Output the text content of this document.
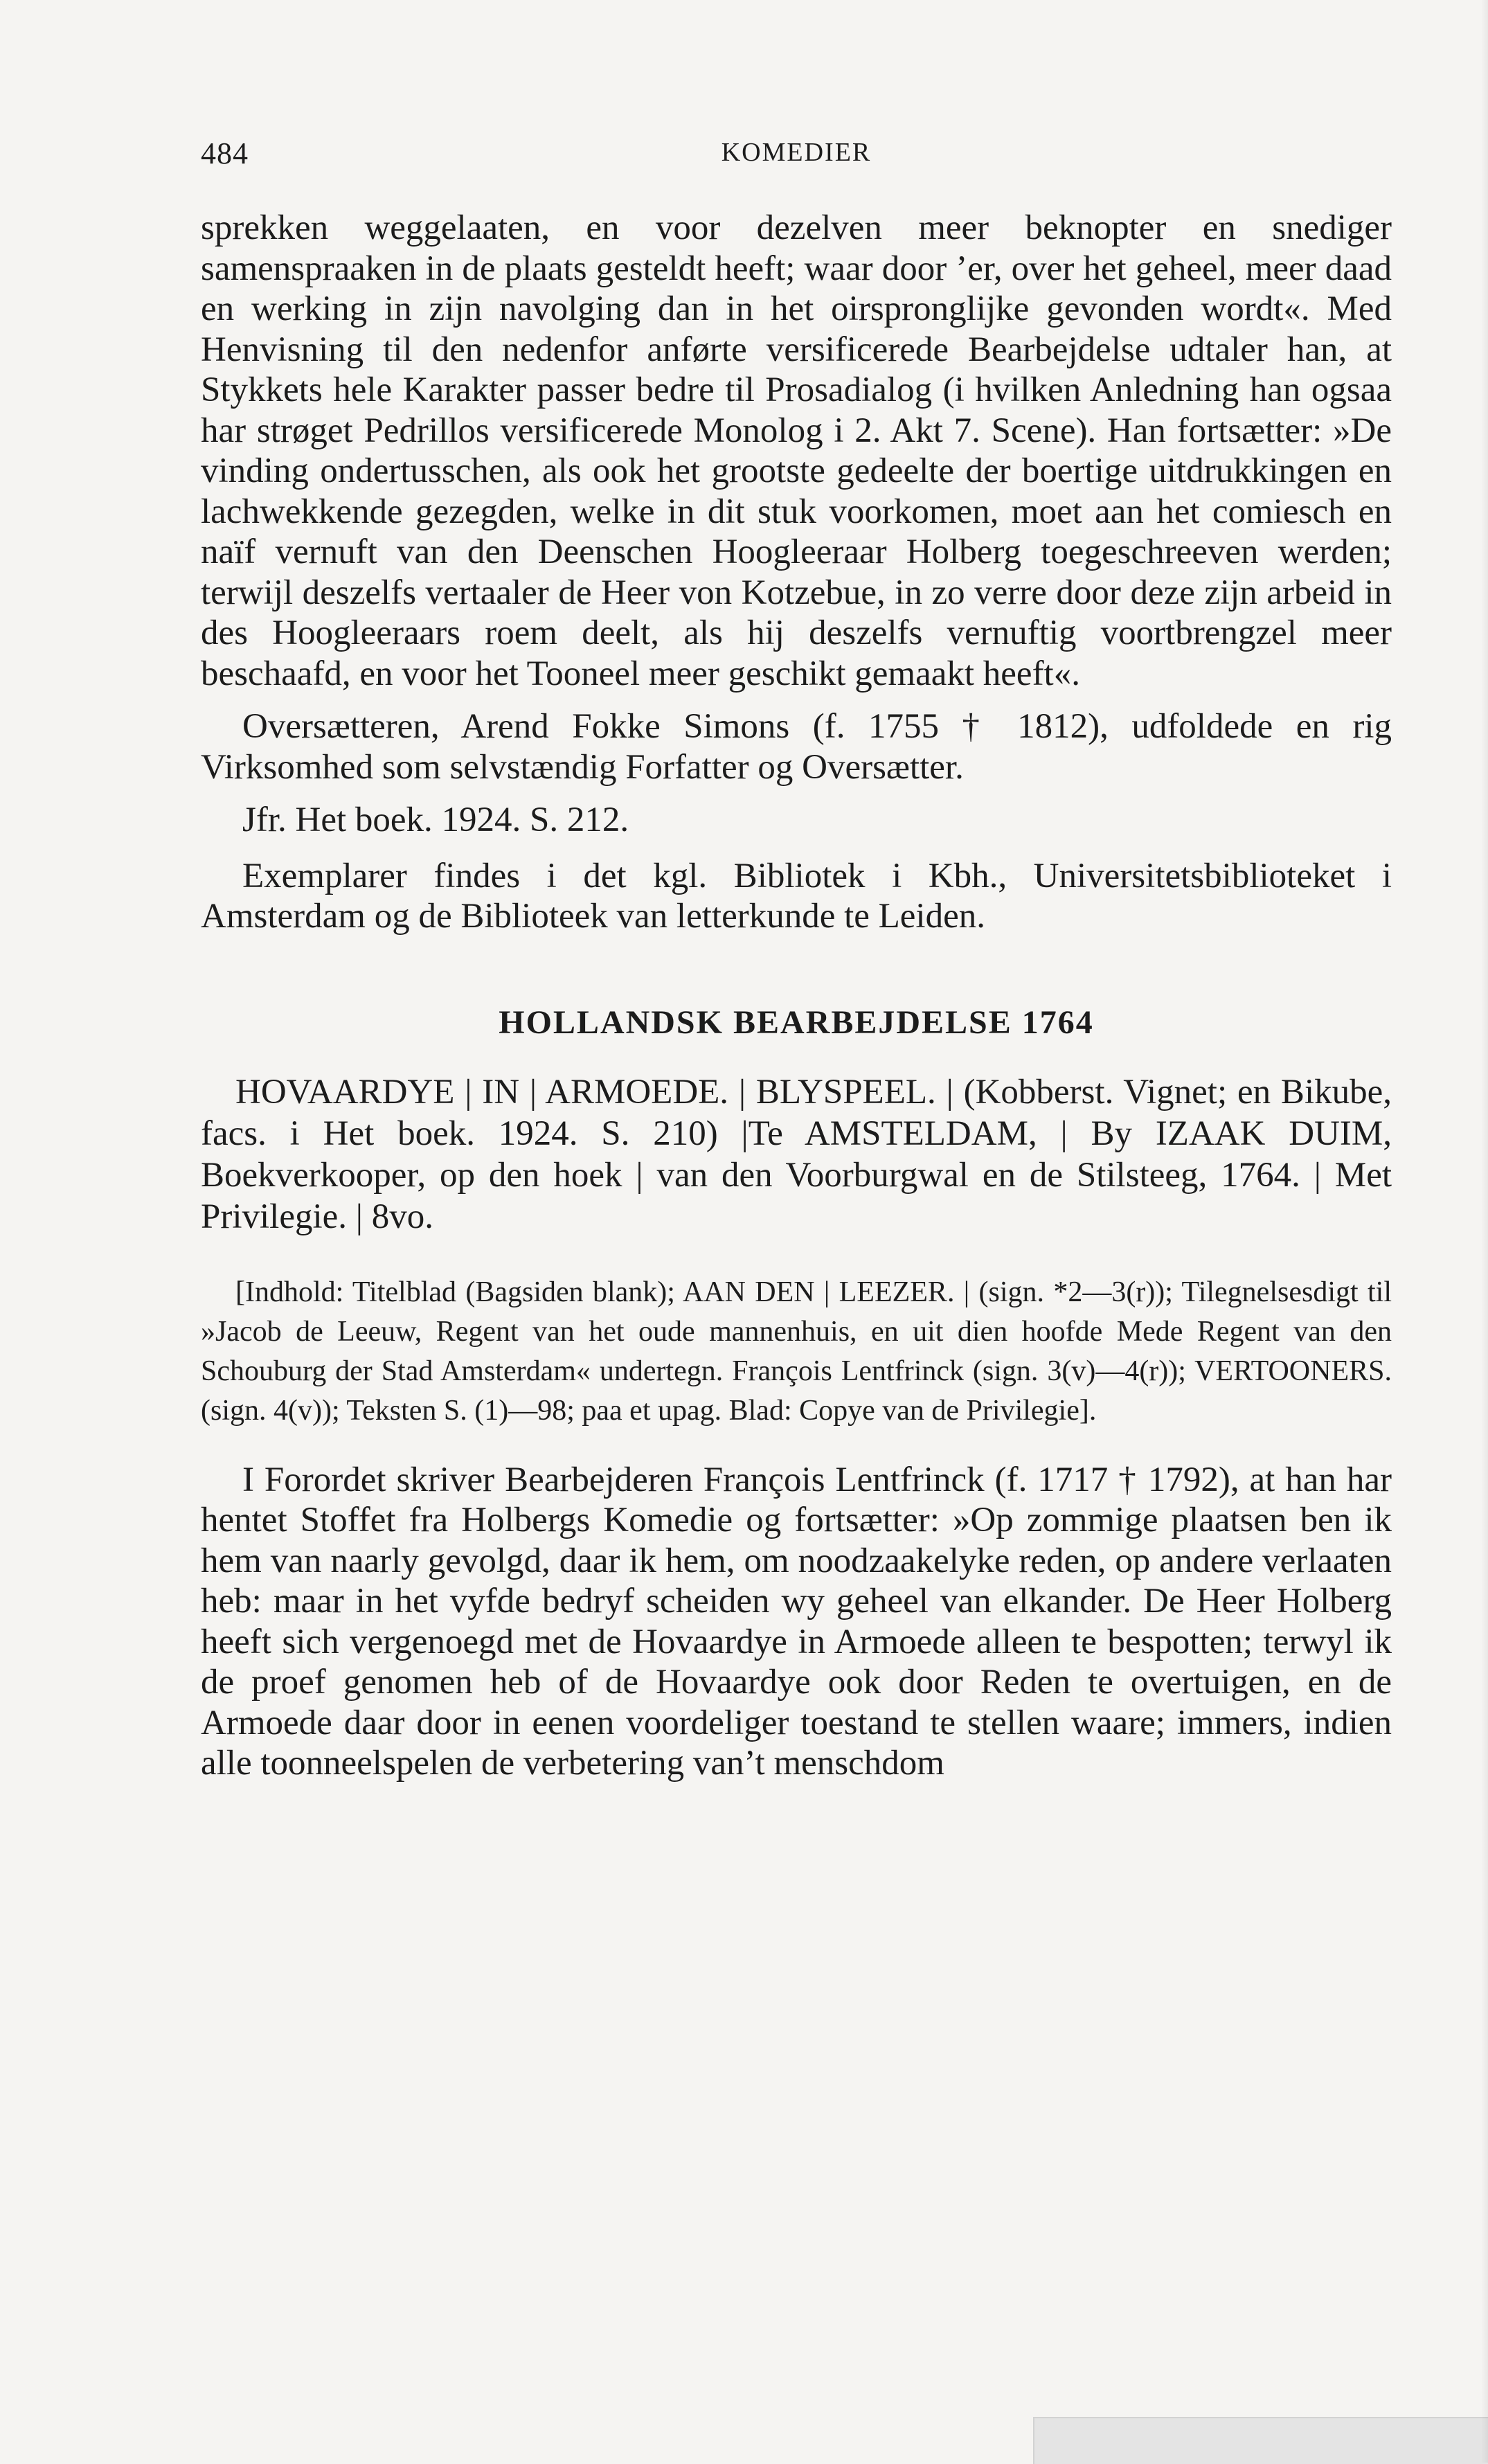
484	KOMEDIER

sprekken weggelaaten, en voor dezelven meer beknopter en snediger samenspraaken in de plaats gesteldt heeft; waar door ’er, over het geheel, meer daad en werking in zijn navolging dan in het oirspronglijke gevonden wordt«. Med Henvisning til den nedenfor anførte versificerede Bearbejdelse udtaler han, at Stykkets hele Karakter passer bedre til Prosadialog (i hvilken Anledning han ogsaa har strøget Pedrillos versificerede Monolog i 2. Akt 7. Scene). Han fortsætter: »De vinding ondertusschen, als ook het grootste gedeelte der boertige uitdrukkingen en lachwekkende gezegden, welke in dit stuk voorkomen, moet aan het comiesch en naïf vernuft van den Deenschen Hoogleeraar Holberg toegeschreeven werden; terwijl deszelfs vertaaler de Heer von Kotzebue, in zo verre door deze zijn arbeid in des Hoogleeraars roem deelt, als hij deszelfs vernuftig voortbrengzel meer beschaafd, en voor het Tooneel meer geschikt gemaakt heeft«.

Oversætteren, Arend Fokke Simons (f. 1755 † 1812), udfoldede en rig Virksomhed som selvstændig Forfatter og Oversætter.

Jfr. Het boek. 1924. S. 212.

Exemplarer findes i det kgl. Bibliotek i Kbh., Universitetsbiblioteket i Amsterdam og de Biblioteek van letterkunde te Leiden.

HOLLANDSK BEARBEJDELSE 1764

HOVAARDYE | IN | ARMOEDE. | BLYSPEEL. | (Kobberst. Vignet; en Bikube, facs. i Het boek. 1924. S. 210) |Te AMSTELDAM, | By IZAAK DUIM, Boekverkooper, op den hoek | van den Voorburgwal en de Stilsteeg, 1764. | Met Privilegie. | 8vo.

[Indhold: Titelblad (Bagsiden blank); AAN DEN | LEEZER. | (sign. *2—3(r)); Tilegnelsesdigt til »Jacob de Leeuw, Regent van het oude mannenhuis, en uit dien hoofde Mede Regent van den Schouburg der Stad Amsterdam« undertegn. François Lentfrinck (sign. 3(v)—4(r)); VERTOONERS. (sign. 4(v)); Teksten S. (1)—98; paa et upag. Blad: Copye van de Privilegie].

I Forordet skriver Bearbejderen François Lentfrinck (f. 1717 † 1792), at han har hentet Stoffet fra Holbergs Komedie og fortsætter: »Op zommige plaatsen ben ik hem van naarly gevolgd, daar ik hem, om noodzaakelyke reden, op andere verlaaten heb: maar in het vyfde bedryf scheiden wy geheel van elkander. De Heer Holberg heeft sich vergenoegd met de Hovaardye in Armoede alleen te bespotten; terwyl ik de proef genomen heb of de Hovaardye ook door Reden te overtuigen, en de Armoede daar door in eenen voordeliger toestand te stellen waare; immers, indien alle toonneelspelen de verbetering van’t menschdom
